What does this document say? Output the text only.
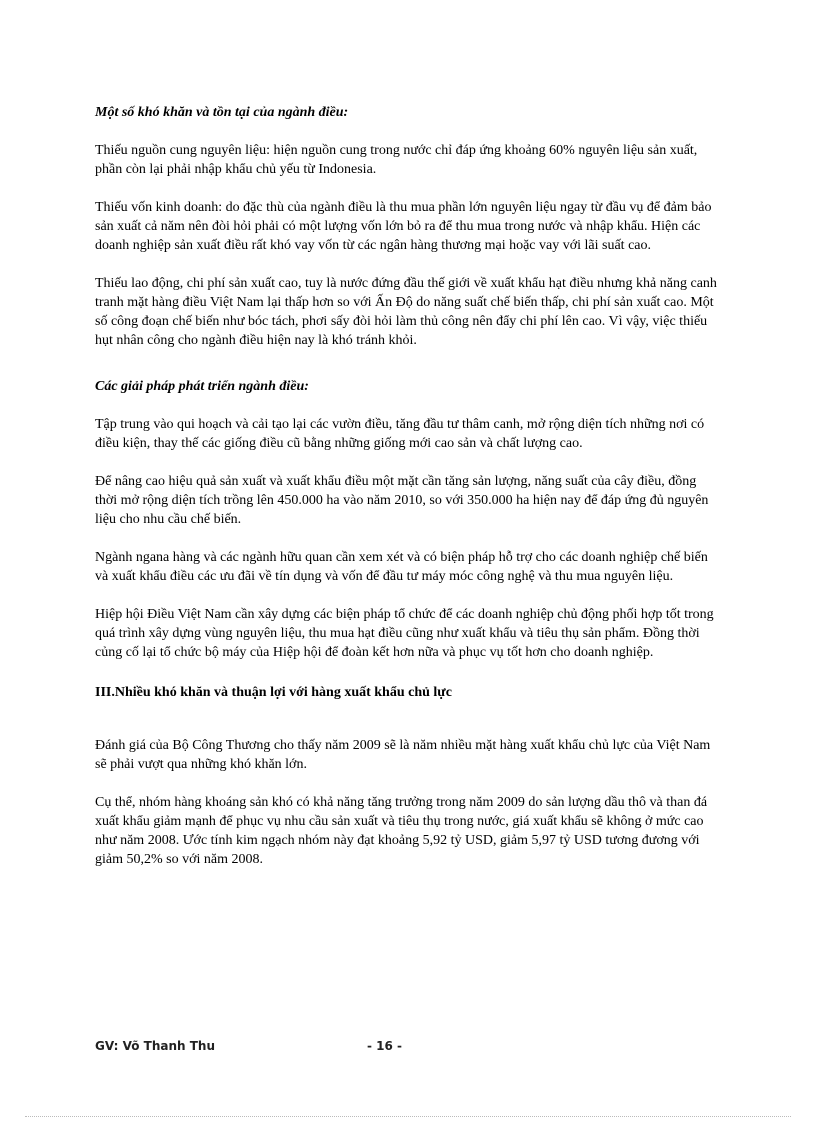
Một số khó khăn và tồn tại của ngành điều:

Thiếu nguồn cung nguyên liệu: hiện nguồn cung trong nước chỉ đáp ứng khoảng 60% nguyên liệu sản xuất, phần còn lại phải nhập khẩu chủ yếu từ Indonesia.

Thiếu vốn kinh doanh: do đặc thù của ngành điều là thu mua phần lớn nguyên liệu ngay từ đầu vụ để đảm bảo sản xuất cả năm nên đòi hỏi phải có một lượng vốn lớn bỏ ra để thu mua trong nước và nhập khẩu. Hiện các doanh nghiệp sản xuất điều rất khó vay vốn từ các ngân hàng thương mại hoặc vay với lãi suất cao.

Thiếu lao động, chi phí sản xuất cao, tuy là nước đứng đầu thế giới về xuất khẩu hạt điều nhưng khả năng canh tranh mặt hàng điều Việt Nam lại thấp hơn so với Ấn Độ do năng suất chế biến thấp, chi phí sản xuất cao. Một số công đoạn chế biến như bóc tách, phơi sấy đòi hỏi làm thủ công nên đẩy chi phí lên cao. Vì vậy, việc thiếu hụt nhân công cho ngành điều hiện nay là khó tránh khỏi.

Các giải pháp phát triển ngành điều:

Tập trung vào qui hoạch và cải tạo lại các vườn điều, tăng đầu tư thâm canh, mở rộng diện tích những nơi có điều kiện, thay thế các giống điều cũ bằng những giống mới cao sản và chất lượng cao.

Để nâng cao hiệu quả sản xuất và xuất khẩu điều một mặt cần tăng sản lượng, năng suất của cây điều, đồng thời mở rộng diện tích trồng lên 450.000 ha vào năm 2010, so với 350.000 ha hiện nay để đáp ứng đủ nguyên liệu cho nhu cầu chế biến.

Ngành ngana hàng và các ngành hữu quan cần xem xét và có biện pháp hỗ trợ cho các doanh nghiệp chế biến và xuất khẩu điều các ưu đãi về tín dụng và vốn để đầu tư máy móc công nghệ và thu mua nguyên liệu.

Hiệp hội Điều Việt Nam cần xây dựng các biện pháp tổ chức để các doanh nghiệp chủ động phối hợp tốt trong quá trình xây dựng vùng nguyên liệu, thu mua hạt điều cũng như xuất khẩu và tiêu thụ sản phẩm. Đồng thời củng cố lại tổ chức bộ máy của Hiệp hội để đoàn kết hơn nữa và phục vụ tốt hơn cho doanh nghiệp.

III.Nhiều khó khăn và thuận lợi với hàng xuất khẩu chủ lực

Đánh giá của Bộ Công Thương cho thấy năm 2009 sẽ là năm nhiều mặt hàng xuất khẩu chủ lực của Việt Nam sẽ phải vượt qua những khó khăn lớn.

Cụ thể, nhóm hàng khoáng sản khó có khả năng tăng trưởng trong năm 2009 do sản lượng dầu thô và than đá xuất khẩu giảm mạnh để phục vụ nhu cầu sản xuất và tiêu thụ trong nước, giá xuất khẩu sẽ không ở mức cao như năm 2008. Ước tính kim ngạch nhóm này đạt khoảng 5,92 tỷ USD, giảm 5,97 tỷ USD tương đương với giảm 50,2% so với năm 2008.

GV: Võ Thanh Thu	- 16 -
